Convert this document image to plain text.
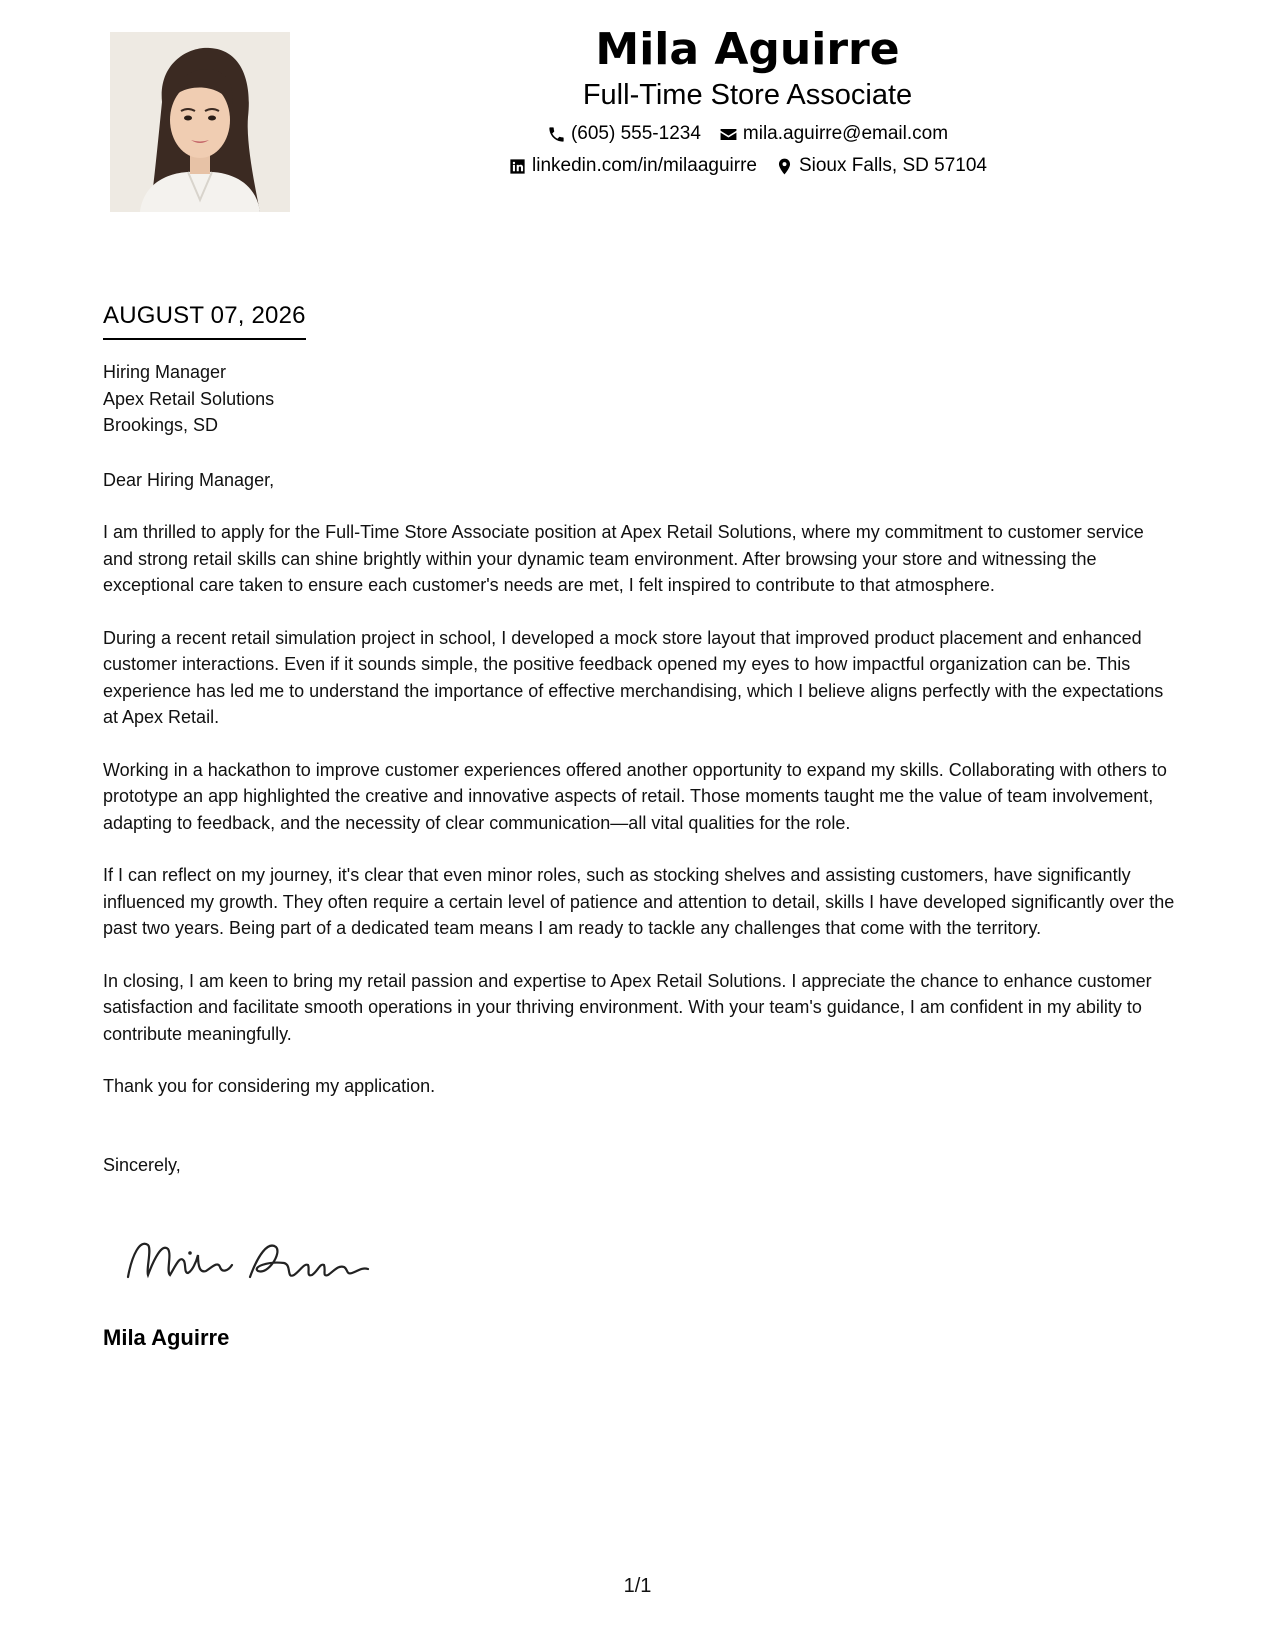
Mila Aguirre
Full-Time Store Associate
(605) 555-1234 mila.aguirre@email.com
linkedin.com/in/milaaguirre Sioux Falls, SD 57104
AUGUST 07, 2026
Hiring Manager
Apex Retail Solutions
Brookings, SD
Dear Hiring Manager,
I am thrilled to apply for the Full-Time Store Associate position at Apex Retail Solutions, where my commitment to customer service and strong retail skills can shine brightly within your dynamic team environment. After browsing your store and witnessing the exceptional care taken to ensure each customer's needs are met, I felt inspired to contribute to that atmosphere.
During a recent retail simulation project in school, I developed a mock store layout that improved product placement and enhanced customer interactions. Even if it sounds simple, the positive feedback opened my eyes to how impactful organization can be. This experience has led me to understand the importance of effective merchandising, which I believe aligns perfectly with the expectations at Apex Retail.
Working in a hackathon to improve customer experiences offered another opportunity to expand my skills. Collaborating with others to prototype an app highlighted the creative and innovative aspects of retail. Those moments taught me the value of team involvement, adapting to feedback, and the necessity of clear communication—all vital qualities for the role.
If I can reflect on my journey, it's clear that even minor roles, such as stocking shelves and assisting customers, have significantly influenced my growth. They often require a certain level of patience and attention to detail, skills I have developed significantly over the past two years. Being part of a dedicated team means I am ready to tackle any challenges that come with the territory.
In closing, I am keen to bring my retail passion and expertise to Apex Retail Solutions. I appreciate the chance to enhance customer satisfaction and facilitate smooth operations in your thriving environment. With your team's guidance, I am confident in my ability to contribute meaningfully.
Thank you for considering my application.
Sincerely,
Mila Aguirre
1/1
